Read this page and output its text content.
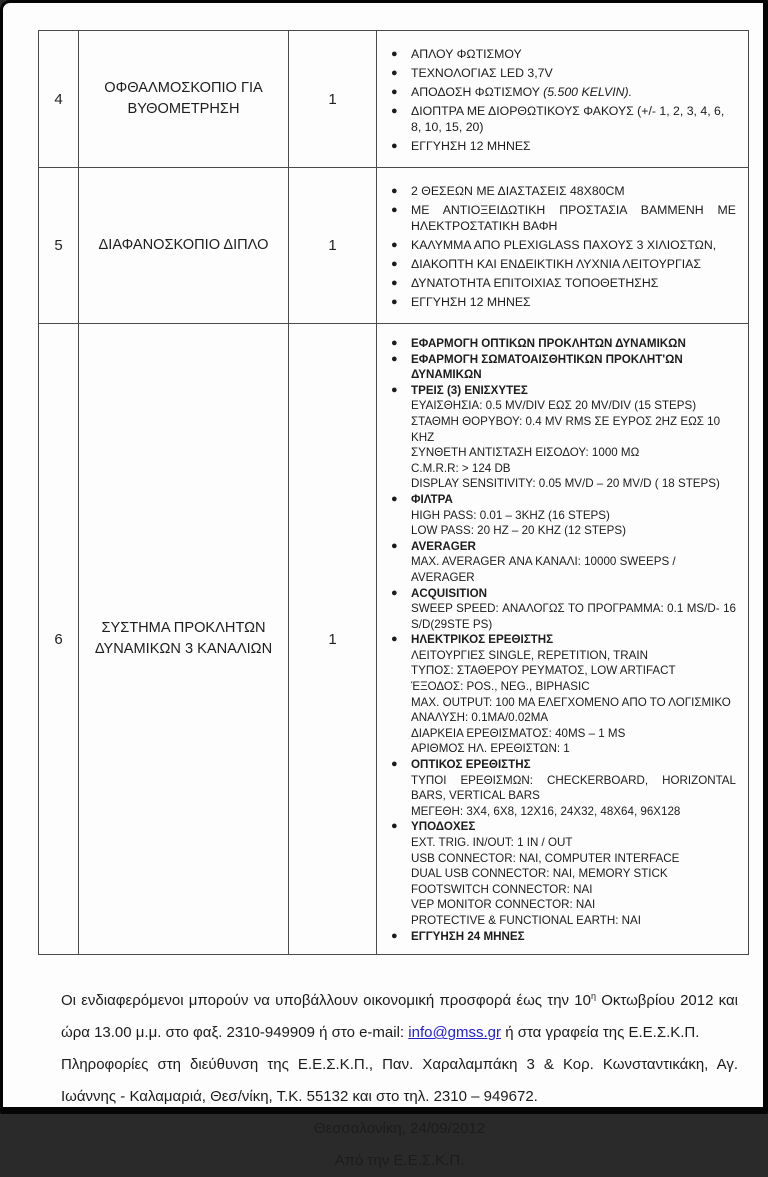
4	ΟΦΘΑΛΜΟΣΚΟΠΙΟ ΓΙΑ ΒΥΘΟΜΕΤΡΗΣΗ	1	
●	ΑΠΛΟΥ ΦΩΤΙΣΜΟΥ
●	ΤΕΧΝΟΛΟΓΙΑΣ LED 3,7V
●	ΑΠΟΔΟΣΗ ΦΩΤΙΣΜΟΥ (5.500 KELVIN).
●	ΔΙΟΠΤΡΑ ΜΕ ΔΙΟΡΘΩΤΙΚΟΥΣ ΦΑΚΟΥΣ (+/- 1, 2, 3, 4, 6, 8, 10, 15, 20)
●	ΕΓΓΥΗΣΗ 12 ΜΗΝΕΣ

5	ΔΙΑΦΑΝΟΣΚΟΠΙΟ ΔΙΠΛΟ	1	
●	2 ΘΕΣΕΩΝ ΜΕ ΔΙΑΣΤΑΣΕΙΣ 48X80CM
●	ΜΕ ΑΝΤΙΟΞΕΙΔΩΤΙΚΗ ΠΡΟΣΤΑΣΙΑ ΒΑΜΜΕΝΗ ΜΕ ΗΛΕΚΤΡΟΣΤΑΤΙΚΗ ΒΑΦΗ
●	ΚΑΛΥΜΜΑ ΑΠΟ PLEXIGLASS ΠΑΧΟΥΣ 3 ΧΙΛΙΟΣΤΩΝ,
●	ΔΙΑΚΟΠΤΗ ΚΑΙ ΕΝΔΕΙΚΤΙΚΗ ΛΥΧΝΙΑ ΛΕΙΤΟΥΡΓΙΑΣ
●	ΔΥΝΑΤΟΤΗΤΑ ΕΠΙΤΟΙΧΙΑΣ ΤΟΠΟΘΕΤΗΣΗΣ
●	ΕΓΓΥΗΣΗ 12 ΜΗΝΕΣ

6	ΣΥΣΤΗΜΑ ΠΡΟΚΛΗΤΩΝ ΔΥΝΑΜΙΚΩΝ 3 ΚΑΝΑΛΙΩΝ	1	
●	ΕΦΑΡΜΟΓΗ ΟΠΤΙΚΩΝ ΠΡΟΚΛΗΤΩΝ ΔΥΝΑΜΙΚΩΝ
●	ΕΦΑΡΜΟΓΗ ΣΩΜΑΤΟΑΙΣΘΗΤΙΚΩΝ ΠΡΟΚΛΗΤ'ΩΝ ΔΥΝΑΜΙΚΩΝ
●	ΤΡΕΙΣ (3) ΕΝΙΣΧΥΤΕΣ
ΕΥΑΙΣΘΗΣΙΑ: 0.5 MV/DIV ΕΩΣ 20 MV/DIV (15 STEPS)
ΣΤΑΘΜΗ ΘΟΡΥΒΟΥ: 0.4 MV RMS ΣΕ ΕΥΡΟΣ 2HZ ΕΩΣ 10 KHZ
ΣΥΝΘΕΤΗ ΑΝΤΙΣΤΑΣΗ ΕΙΣΟΔΟΥ: 1000 ΜΩ
C.M.R.R: > 124 DB
DISPLAY SENSITIVITY: 0.05 MV/D – 20 MV/D ( 18 STEPS)
●	ΦΙΛΤΡΑ
HIGH PASS: 0.01 – 3KHZ (16 STEPS)
LOW PASS: 20 HZ – 20 KHZ (12 STEPS)
●	AVERAGER
MAX. AVERAGER ΑΝΑ ΚΑΝΑΛΙ: 10000 SWEEPS / AVERAGER
●	ACQUISITION
SWEEP SPEED: ΑΝΑΛΟΓΩΣ ΤΟ ΠΡΟΓΡΑΜΜΑ: 0.1 MS/D- 16 S/D(29STE PS)
●	ΗΛΕΚΤΡΙΚΟΣ ΕΡΕΘΙΣΤΗΣ
ΛΕΙΤΟΥΡΓΙΕΣ SINGLE, REPETITION, TRAIN
ΤΥΠΟΣ: ΣΤΑΘΕΡΟΥ ΡΕΥΜΑΤΟΣ, LOW ARTIFACT
ΈΞΟΔΟΣ: POS., NEG., BIPHASIC
MAX. OUTPUT: 100 MA ΕΛΕΓΧΟΜΕΝΟ ΑΠΟ ΤΟ ΛΟΓΙΣΜΙΚΟ
ΑΝΑΛΥΣΗ: 0.1ΜΑ/0.02ΜΑ
ΔΙΑΡΚΕΙΑ ΕΡΕΘΙΣΜΑΤΟΣ: 40MS – 1 MS
ΑΡΙΘΜΟΣ ΗΛ. ΕΡΕΘΙΣΤΩΝ: 1
●	ΟΠΤΙΚΟΣ ΕΡΕΘΙΣΤΗΣ
ΤΥΠΟΙ ΕΡΕΘΙΣΜΩΝ: CHECKERBOARD, HORIZONTAL BARS, VERTICAL BARS
ΜΕΓΕΘΗ: 3X4, 6X8, 12X16, 24X32, 48X64, 96X128
●	ΥΠΟΔΟΧΕΣ
EXT. TRIG. IN/OUT: 1 IN / OUT
USB CONNECTOR: NAI, COMPUTER INTERFACE
DUAL USB CONNECTOR: NAI, MEMORY STICK
FOOTSWITCH CONNECTOR: NAI
VEP MONITOR CONNECTOR: NAI
PROTECTIVE & FUNCTIONAL EARTH: NAI
●	ΕΓΓΥΗΣΗ 24 ΜΗΝΕΣ

Οι ενδιαφερόμενοι μπορούν να υποβάλλουν οικονομική προσφορά έως την $10^\eta$ Οκτωβρίου 2012 και ώρα 13.00 μ.μ. στο φαξ. 2310-949909 ή στο e-mail: info@gmss.gr ή στα γραφεία της Ε.Ε.Σ.Κ.Π.

Πληροφορίες στη διεύθυνση της Ε.Ε.Σ.Κ.Π., Παν. Χαραλαμπάκη 3 & Κορ. Κωνσταντικάκη, Αγ. Ιωάννης - Καλαμαριά, Θεσ/νίκη, Τ.Κ. 55132 και στο τηλ. 2310 – 949672.

Θεσσαλονίκη, 24/09/2012

Από την Ε.Ε.Σ.Κ.Π.
